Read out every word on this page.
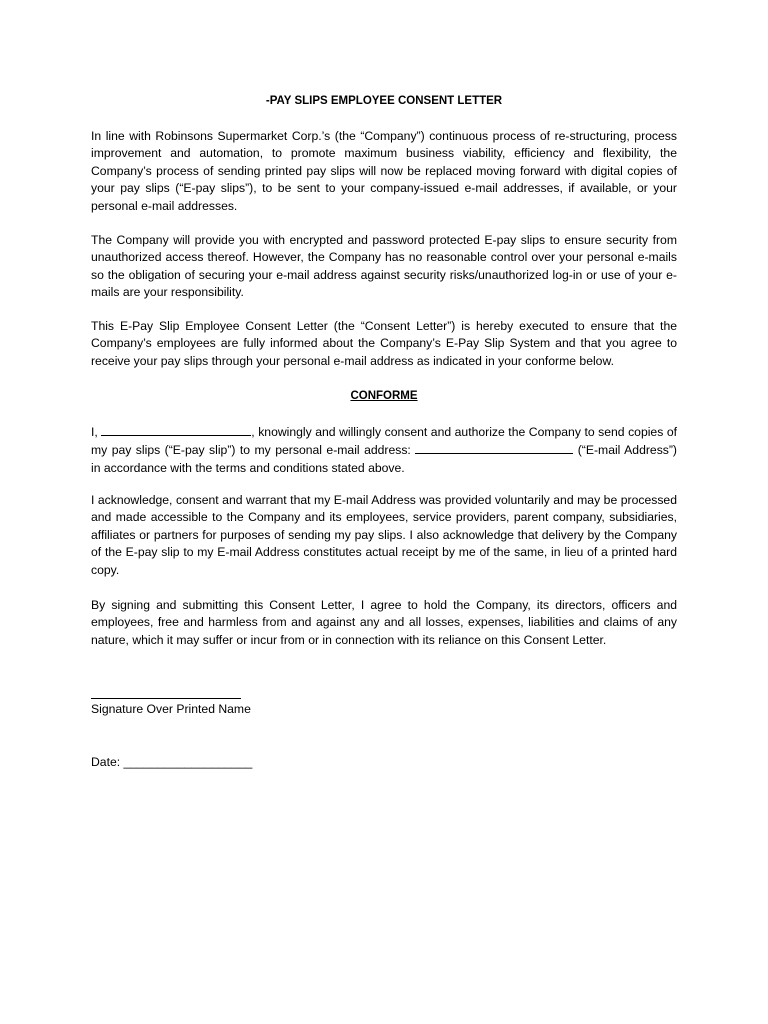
-PAY SLIPS EMPLOYEE CONSENT LETTER

In line with Robinsons Supermarket Corp.’s (the “Company”) continuous process of re-structuring, process improvement and automation, to promote maximum business viability, efficiency and flexibility, the Company’s process of sending printed pay slips will now be replaced moving forward with digital copies of your pay slips (“E-pay slips”), to be sent to your company-issued e-mail addresses, if available, or your personal e-mail addresses.

The Company will provide you with encrypted and password protected E-pay slips to ensure security from unauthorized access thereof. However, the Company has no reasonable control over your personal e-mails so the obligation of securing your e-mail address against security risks/unauthorized log-in or use of your e-mails are your responsibility.

This E-Pay Slip Employee Consent Letter (the “Consent Letter”) is hereby executed to ensure that the Company’s employees are fully informed about the Company’s E-Pay Slip System and that you agree to receive your pay slips through your personal e-mail address as indicated in your conforme below.

CONFORME

I,	, knowingly and willingly consent and authorize the Company to send copies of my pay slips (“E-pay slip”) to my personal e-mail address:	(“E-mail Address”) in accordance with the terms and conditions stated above.

I acknowledge, consent and warrant that my E-mail Address was provided voluntarily and may be processed and made accessible to the Company and its employees, service providers, parent company, subsidiaries, affiliates or partners for purposes of sending my pay slips. I also acknowledge that delivery by the Company of the E-pay slip to my E-mail Address constitutes actual receipt by me of the same, in lieu of a printed hard copy.

By signing and submitting this Consent Letter, I agree to hold the Company, its directors, officers and employees, free and harmless from and against any and all losses, expenses, liabilities and claims of any nature, which it may suffer or incur from or in connection with its reliance on this Consent Letter.

Signature Over Printed Name
Date: ___________________
